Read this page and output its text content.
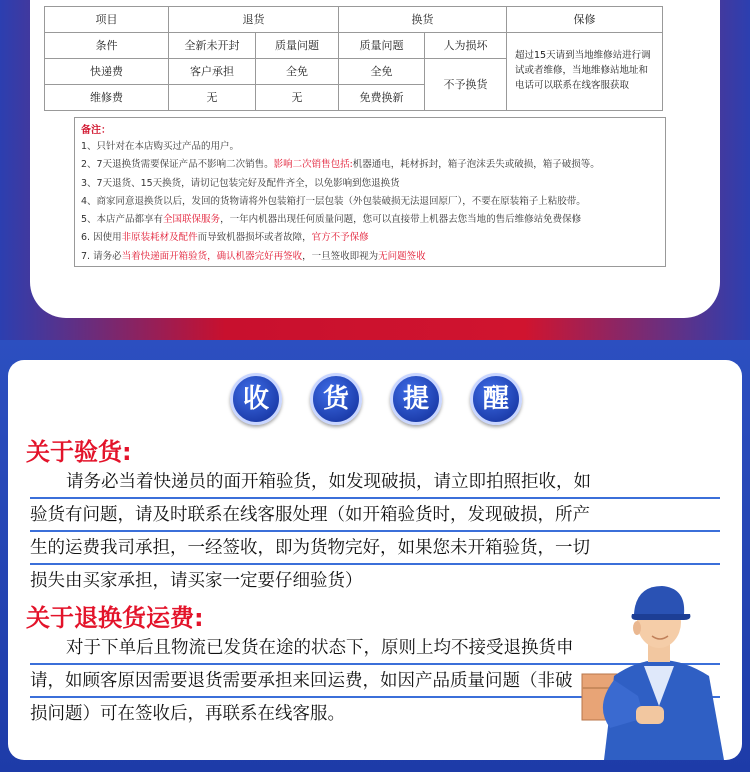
项目	退货		换货		保修
条件	全新未开封	质量问题	质量问题	人为损坏	超过15天请到当地维修站进行调试或者维修，当地维修站地址和电话可以联系在线客服获取
快递费	客户承担	全免	全免	不予换货	
维修费	无	无	免费换新		
备注：
1、只针对在本店购买过产品的用户。
2、7天退换货需要保证产品不影响二次销售。影响二次销售包括:机器通电，耗材拆封，箱子泡沫丢失或破损，箱子破损等。
3、7天退货、15天换货，请切记包装完好及配件齐全，以免影响到您退换货
4、商家同意退换货以后，发回的货物请将外包装箱打一层包装（外包装破损无法退回原厂），不要在原装箱子上粘胶带。
5、本店产品都享有全国联保服务，一年内机器出现任何质量问题，您可以直接带上机器去您当地的售后维修站免费保修
6. 因使用非原装耗材及配件而导致机器损坏或者故障，官方不予保修
7. 请务必当着快递面开箱验货，确认机器完好再签收，一旦签收即视为无问题签收
收	货	提	醒
关于验货:
请务必当着快递员的面开箱验货，如发现破损，请立即拍照拒收，如
验货有问题，请及时联系在线客服处理（如开箱验货时，发现破损，所产
生的运费我司承担，一经签收，即为货物完好，如果您未开箱验货，一切
损失由买家承担，请买家一定要仔细验货）
关于退换货运费:
对于下单后且物流已发货在途的状态下，原则上均不接受退换货申
请，如顾客原因需要退货需要承担来回运费，如因产品质量问题（非破
损问题）可在签收后，再联系在线客服。
